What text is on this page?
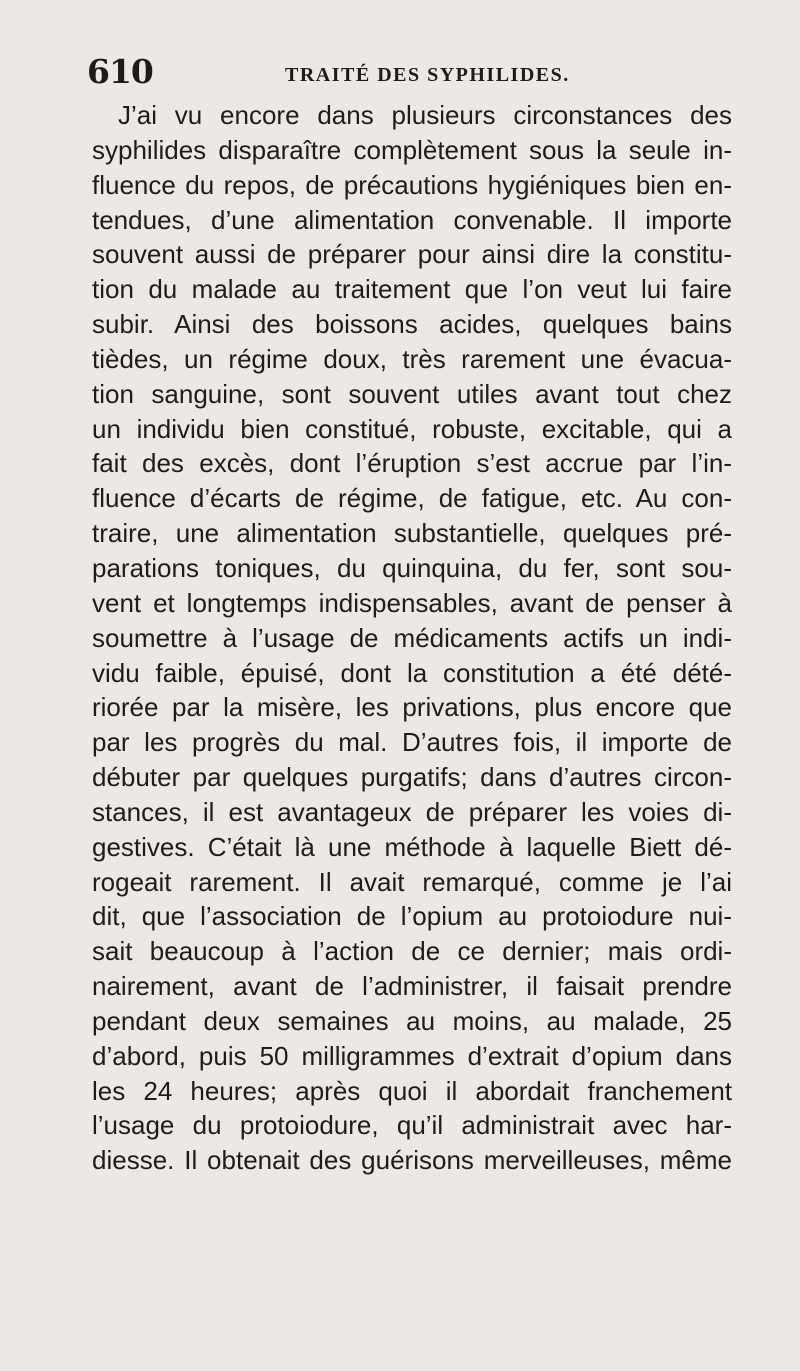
610	TRAITÉ DES SYPHILIDES.
J’ai vu encore dans plusieurs circonstances des
syphilides disparaître complètement sous la seule in-
fluence du repos, de précautions hygiéniques bien en-
tendues, d’une alimentation convenable. Il importe
souvent aussi de préparer pour ainsi dire la constitu-
tion du malade au traitement que l’on veut lui faire
subir. Ainsi des boissons acides, quelques bains
tièdes, un régime doux, très rarement une évacua-
tion sanguine, sont souvent utiles avant tout chez
un individu bien constitué, robuste, excitable, qui a
fait des excès, dont l’éruption s’est accrue par l’in-
fluence d’écarts de régime, de fatigue, etc. Au con-
traire, une alimentation substantielle, quelques pré-
parations toniques, du quinquina, du fer, sont sou-
vent et longtemps indispensables, avant de penser à
soumettre à l’usage de médicaments actifs un indi-
vidu faible, épuisé, dont la constitution a été dété-
riorée par la misère, les privations, plus encore que
par les progrès du mal. D’autres fois, il importe de
débuter par quelques purgatifs; dans d’autres circon-
stances, il est avantageux de préparer les voies di-
gestives. C’était là une méthode à laquelle Biett dé-
rogeait rarement. Il avait remarqué, comme je l’ai
dit, que l’association de l’opium au protoiodure nui-
sait beaucoup à l’action de ce dernier; mais ordi-
nairement, avant de l’administrer, il faisait prendre
pendant deux semaines au moins, au malade, 25
d’abord, puis 50 milligrammes d’extrait d’opium dans
les 24 heures; après quoi il abordait franchement
l’usage du protoiodure, qu’il administrait avec har-
diesse. Il obtenait des guérisons merveilleuses, même
